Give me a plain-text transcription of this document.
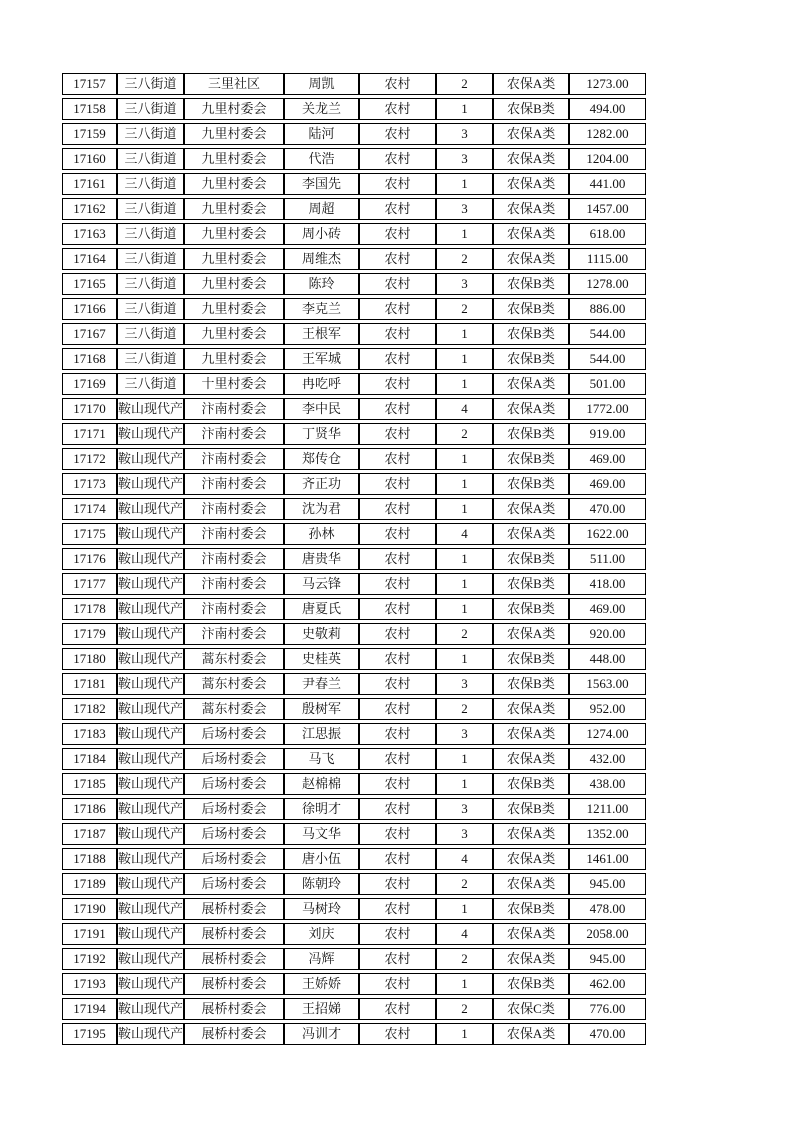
17157	三八街道	三里社区	周凯	农村	2	农保A类	1273.00
17158	三八街道	九里村委会	关龙兰	农村	1	农保B类	494.00
17159	三八街道	九里村委会	陆河	农村	3	农保A类	1282.00
17160	三八街道	九里村委会	代浩	农村	3	农保A类	1204.00
17161	三八街道	九里村委会	李国先	农村	1	农保A类	441.00
17162	三八街道	九里村委会	周超	农村	3	农保A类	1457.00
17163	三八街道	九里村委会	周小砖	农村	1	农保A类	618.00
17164	三八街道	九里村委会	周维杰	农村	2	农保A类	1115.00
17165	三八街道	九里村委会	陈玲	农村	3	农保B类	1278.00
17166	三八街道	九里村委会	李克兰	农村	2	农保B类	886.00
17167	三八街道	九里村委会	王根军	农村	1	农保B类	544.00
17168	三八街道	九里村委会	王军城	农村	1	农保B类	544.00
17169	三八街道	十里村委会	冉吃呼	农村	1	农保A类	501.00
17170	鞍山现代产	汴南村委会	李中民	农村	4	农保A类	1772.00
17171	鞍山现代产	汴南村委会	丁贤华	农村	2	农保B类	919.00
17172	鞍山现代产	汴南村委会	郑传仓	农村	1	农保B类	469.00
17173	鞍山现代产	汴南村委会	齐正功	农村	1	农保B类	469.00
17174	鞍山现代产	汴南村委会	沈为君	农村	1	农保A类	470.00
17175	鞍山现代产	汴南村委会	孙林	农村	4	农保A类	1622.00
17176	鞍山现代产	汴南村委会	唐贵华	农村	1	农保B类	511.00
17177	鞍山现代产	汴南村委会	马云锋	农村	1	农保B类	418.00
17178	鞍山现代产	汴南村委会	唐夏氏	农村	1	农保B类	469.00
17179	鞍山现代产	汴南村委会	史敬莉	农村	2	农保A类	920.00
17180	鞍山现代产	蒿东村委会	史桂英	农村	1	农保B类	448.00
17181	鞍山现代产	蒿东村委会	尹春兰	农村	3	农保B类	1563.00
17182	鞍山现代产	蒿东村委会	殷树军	农村	2	农保A类	952.00
17183	鞍山现代产	后场村委会	江思振	农村	3	农保A类	1274.00
17184	鞍山现代产	后场村委会	马飞	农村	1	农保A类	432.00
17185	鞍山现代产	后场村委会	赵棉棉	农村	1	农保B类	438.00
17186	鞍山现代产	后场村委会	徐明才	农村	3	农保B类	1211.00
17187	鞍山现代产	后场村委会	马文华	农村	3	农保A类	1352.00
17188	鞍山现代产	后场村委会	唐小伍	农村	4	农保A类	1461.00
17189	鞍山现代产	后场村委会	陈朝玲	农村	2	农保A类	945.00
17190	鞍山现代产	展桥村委会	马树玲	农村	1	农保B类	478.00
17191	鞍山现代产	展桥村委会	刘庆	农村	4	农保A类	2058.00
17192	鞍山现代产	展桥村委会	冯辉	农村	2	农保A类	945.00
17193	鞍山现代产	展桥村委会	王娇娇	农村	1	农保B类	462.00
17194	鞍山现代产	展桥村委会	王招娣	农村	2	农保C类	776.00
17195	鞍山现代产	展桥村委会	冯训才	农村	1	农保A类	470.00
